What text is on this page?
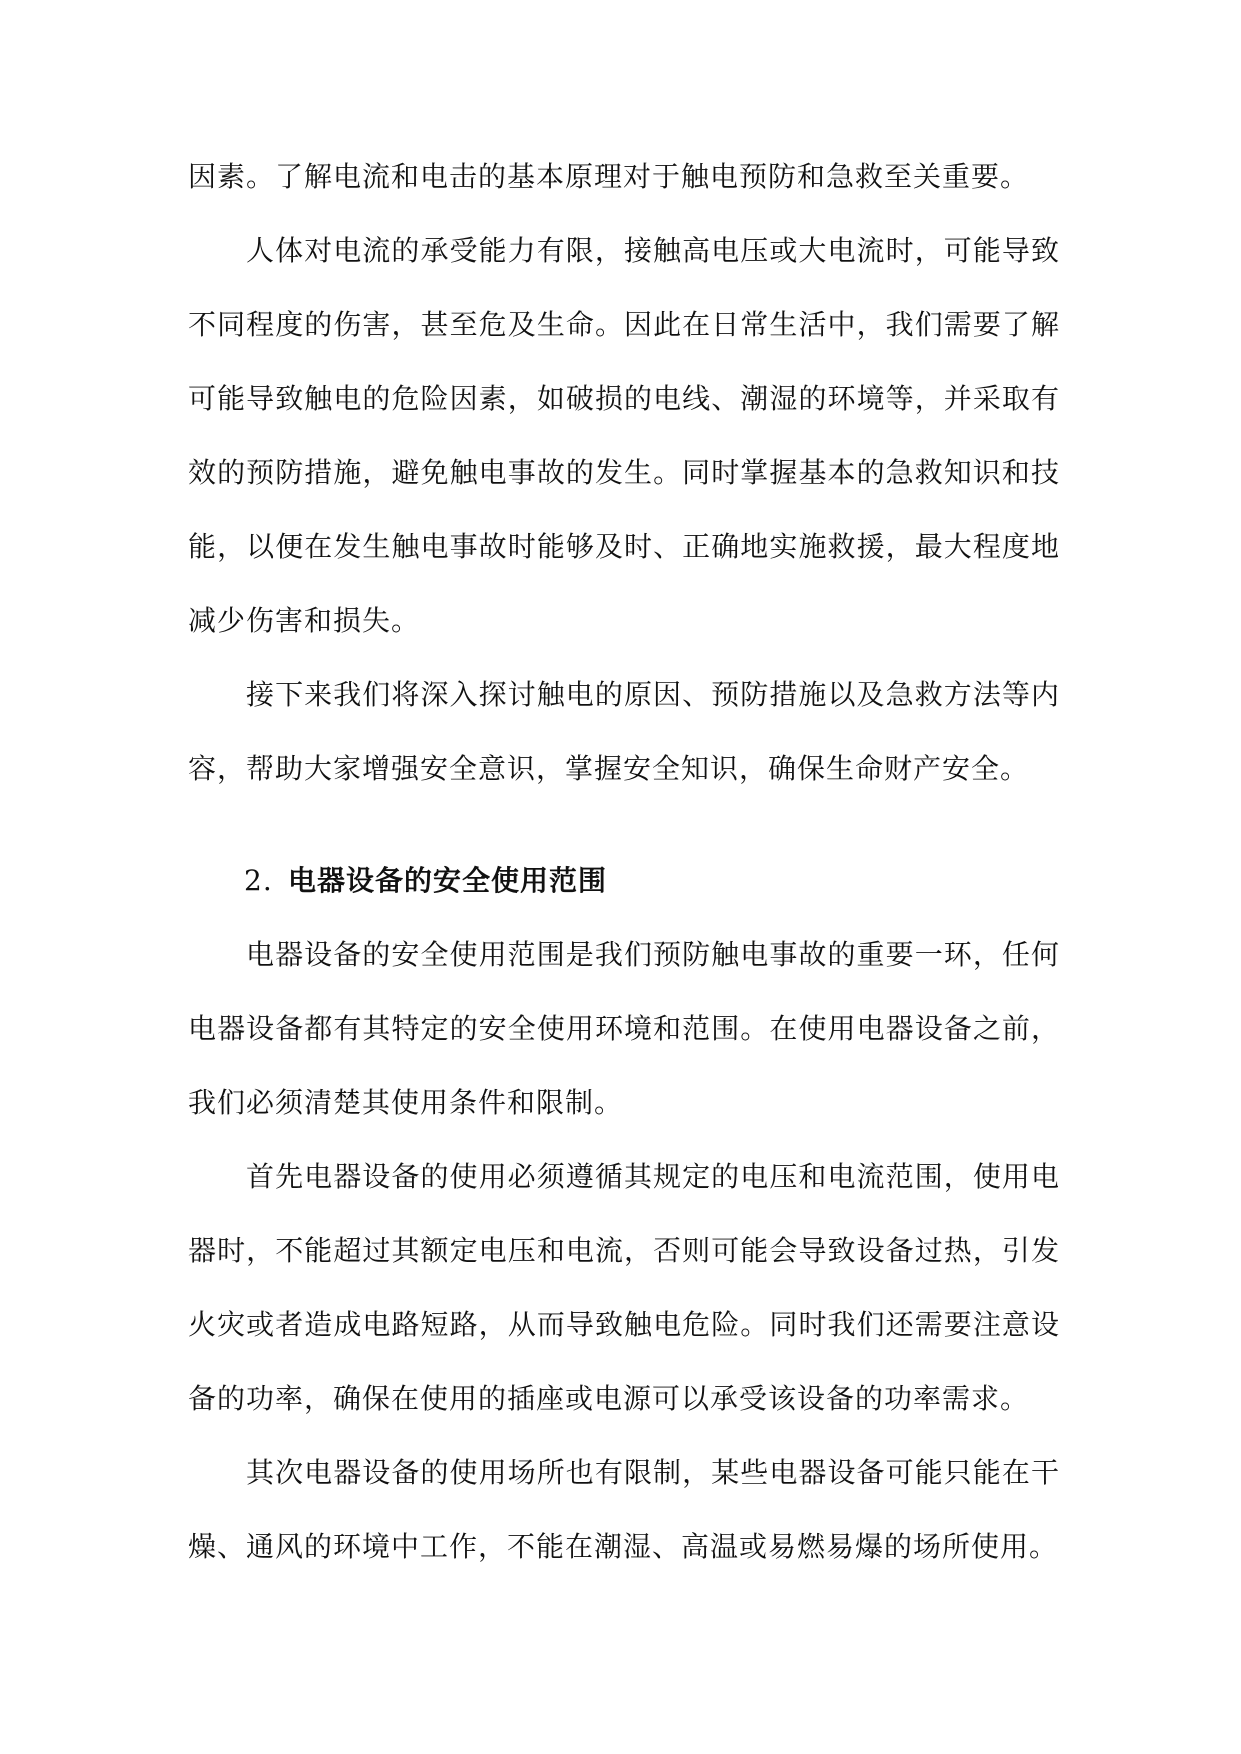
因素。了解电流和电击的基本原理对于触电预防和急救至关重要。

人体对电流的承受能力有限，接触高电压或大电流时，可能导致不同程度的伤害，甚至危及生命。因此在日常生活中，我们需要了解可能导致触电的危险因素，如破损的电线、潮湿的环境等，并采取有效的预防措施，避免触电事故的发生。同时掌握基本的急救知识和技能，以便在发生触电事故时能够及时、正确地实施救援，最大程度地减少伤害和损失。

接下来我们将深入探讨触电的原因、预防措施以及急救方法等内容，帮助大家增强安全意识，掌握安全知识，确保生命财产安全。

2. 电器设备的安全使用范围

电器设备的安全使用范围是我们预防触电事故的重要一环，任何电器设备都有其特定的安全使用环境和范围。在使用电器设备之前，我们必须清楚其使用条件和限制。

首先电器设备的使用必须遵循其规定的电压和电流范围，使用电器时，不能超过其额定电压和电流，否则可能会导致设备过热，引发火灾或者造成电路短路，从而导致触电危险。同时我们还需要注意设备的功率，确保在使用的插座或电源可以承受该设备的功率需求。

其次电器设备的使用场所也有限制，某些电器设备可能只能在干燥、通风的环境中工作，不能在潮湿、高温或易燃易爆的场所使用。
